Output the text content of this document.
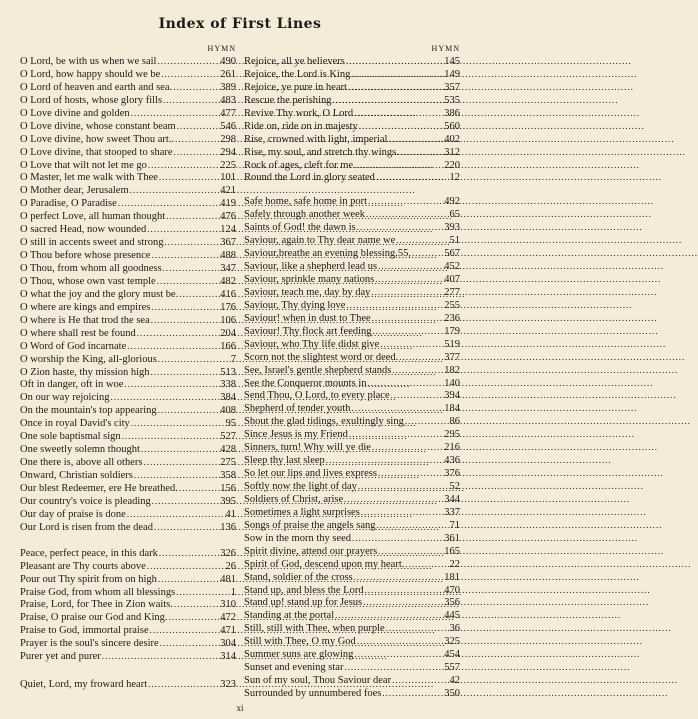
Index of First Lines
HYMN
O Lord, be with us when we sail .....	490
O Lord, how happy should we be .....	261
O Lord of heaven and earth and sea. .....	389
O Lord of hosts, whose glory fills .....	483
O Love divine and golden .....	477
O Love divine, whose constant beam .....	546
O Love divine, how sweet Thou art.. .....	298
O Love divine, that stooped to share .....	294
O Love that wilt not let me go .....	225
O Master, let me walk with Thee .....	101
O Mother dear, Jerusalem .....	421
O Paradise, O Paradise .....	419
O perfect Love, all human thought .....	476
O sacred Head, now wounded .....	124
O still in accents sweet and strong .....	367
O Thou before whose presence .....	488
O Thou, from whom all goodness .....	347
O Thou, whose own vast temple .....	482
O what the joy and the glory must be. .....	416
O where are kings and empires .....	176
O where is He that trod the sea .....	106
O where shall rest be found .....	204
O Word of God incarnate .....	166
O worship the King, all-glorious .....	7
O Zion haste, thy mission high .....	513
Oft in danger, oft in woe .....	338
On our way rejoicing .....	384
On the mountain's top appearing .....	408
Once in royal David's city .....	95
One sole baptismal sign .....	527
One sweetly solemn thought .....	428
One there is, above all others .....	275
Onward, Christian soldiers .....	358
Our blest Redeemer, ere He breathed. .....	156
Our country's voice is pleading .....	395
Our day of praise is done .....	41
Our Lord is risen from the dead .....	136
Peace, perfect peace, in this dark .....	326
Pleasant are Thy courts above .....	26
Pour out Thy spirit from on high .....	481
Praise God, from whom all blessings .....	1
Praise, Lord, for Thee in Zion waits. .....	310
Praise, O praise our God and King. .....	472
Praise to God, immortal praise .....	471
Prayer is the soul's sincere desire .....	304
Purer yet and purer .....	314
Quiet, Lord, my froward heart .....	323
HYMN
Rejoice, all ye believers .....	145
Rejoice, the Lord is King .....	149
Rejoice, ye pure in heart .....	357
Rescue the perishing .....	535
Revive Thy work, O Lord .....	386
Ride on, ride on in majesty .....	560
Rise, crowned with light, imperial .....	402
Rise, my soul, and stretch thy wings. .....	312
Rock of ages, cleft for me .....	220
Round the Lord in glory seated .....	12
Safe home, safe home in port .....	492
Safely through another week .....	65
Saints of God! the dawn is .....	393
Saviour, again to Thy dear name we .....	51
Saviour,breathe an evening blessing.55, .....	567
Saviour, like a shepherd lead us .....	452
Saviour, sprinkle many nations .....	407
Saviour, teach me, day by day .....	277
Saviour, Thy dying love .....	255
Saviour! when in dust to Thee .....	236
Saviour! Thy flock art feeding .....	179
Saviour, who Thy life didst give .....	519
Scorn not the slightest word or deed. .....	377
See, Israel's gentle shepherd stands .....	182
See the Conqueror mounts in .....	140
Send Thou, O Lord, to every place .....	394
Shepherd of tender youth .....	184
Shout the glad tidings, exultingly sing .....	86
Since Jesus is my Friend .....	295
Sinners, turn! Why will ye die .....	216
Sleep thy last sleep .....	436
So let our lips and lives express .....	376
Softly now the light of day .....	52
Soldiers of Christ, arise .....	344
Sometimes a light surprises .....	337
Songs of praise the angels sang .....	71
Sow in the morn thy seed .....	361
Spirit divine, attend our prayers .....	165
Spirit of God, descend upon my heart. .....	22
Stand, soldier of the cross .....	181
Stand up, and bless the Lord .....	470
Stand up! stand up for Jesus .....	356
Standing at the portal .....	445
Still, still with Thee, when purple .....	36
Still with Thee, O my God .....	325
Summer suns are glowing .....	454
Sunset and evening star .....	557
Sun of my soul, Thou Saviour dear .....	42
Surrounded by unnumbered foes .....	350
xi
